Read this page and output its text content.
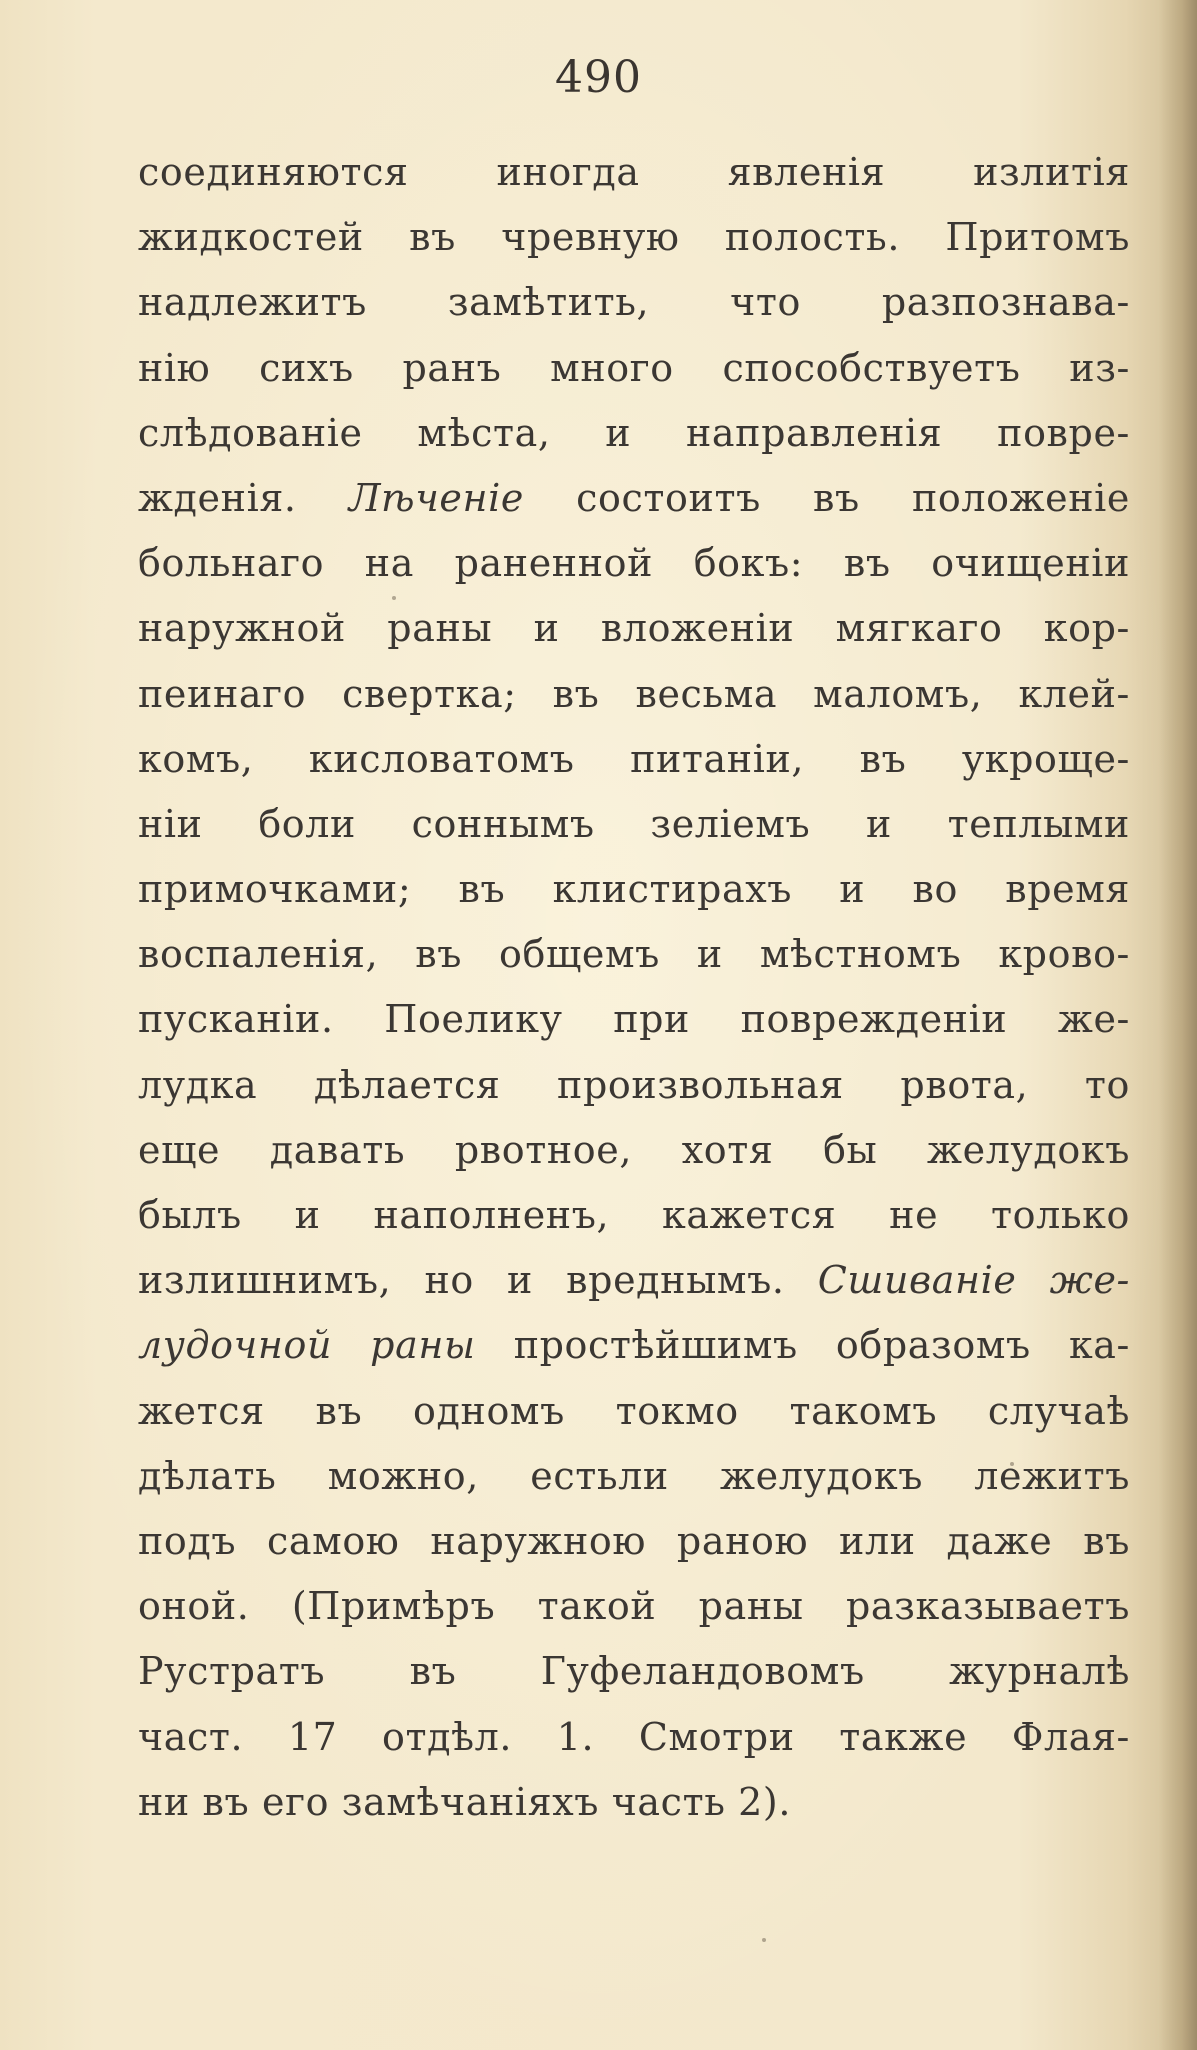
490
соединяются иногда явленія излитія
жидкостей въ чревную полость. Притомъ
надлежитъ замѣтить, что разпознава-
нію сихъ ранъ много способствуетъ из-
слѣдованіе мѣста, и направленія повре-
жденія. Лѣченіе состоитъ въ положеніе
больнаго на раненной бокъ: въ очищеніи
наружной раны и вложеніи мягкаго кор-
пеинаго свертка; въ весьма маломъ, клей-
комъ, кисловатомъ питаніи, въ укроще-
ніи боли соннымъ зеліемъ и теплыми
примочками; въ клистирахъ и во время
воспаленія, въ общемъ и мѣстномъ крово-
пусканіи. Поелику при поврежденіи же-
лудка дѣлается произвольная рвота, то
еще давать рвотное, хотя бы желудокъ
былъ и наполненъ, кажется не только
излишнимъ, но и вреднымъ. Сшиваніе же-
лудочной раны простѣйшимъ образомъ ка-
жется въ одномъ токмо такомъ случаѣ
дѣлать можно, естьли желудокъ лежитъ
подъ самою наружною раною или даже въ
оной. (Примѣръ такой раны разказываетъ
Рустратъ въ Гуфеландовомъ журналѣ
част. 17 отдѣл. 1. Смотри также Флая-
ни въ его замѣчаніяхъ часть 2).
